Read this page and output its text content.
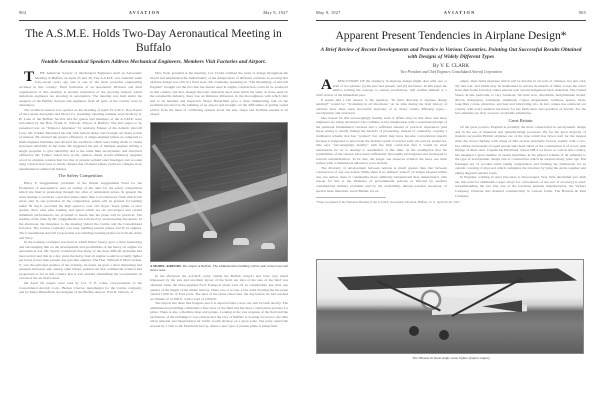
904	AVIATION	May 9, 1927
The A.S.M.E. Holds Two-Day Aeronautical Meeting in Buffalo
Notable Aeronautical Speakers Address Mechanical Engineers. Members Visit Factories and Airport.

T HE American Society of Mechanical Engineers held an Aeronautic Meeting at Buffalo on April 25 and 26. The A.S.M.E. was founded some forty-seven years ago and is one of the most powerful engineering societies in this country. Their formation of an Aeronautic Division and their organization of this meeting is another indication of the growing interest which American engineers are showing in aeronautics. The meeting was held under the auspices of the Buffalo Section and engineers from all parts of the country were in attendance.

The technical session was opened on the morning of April 25 with C. Roy Keyes of the Curtiss Aeroplane and Motor Co. presiding. Opening remarks were made by A. H. Lane of the Buffalo Section and the guests and members of the A.S.M.E. were welcomed by the Hon. Frank X. Schwab, Mayor of Buffalo. The first paper to be presented was on "Trimotor Airplanes" by Anthony Fokker of the Atlantic Aircraft Corp. Mr. Fokker illustrated his talk with lantern slides and brought out many points of interest. He stressed the greater efficiency of single-engined planes as compared to multi-engined machines and showed the sacrifices which were being made to obtain increased reliability in the latter. He suggested the use of multiple engines driving a single propeller to give reliability and at the same time aerodynamic and structural efficiency. Mr. Fokker stated that, in his opinion, metal would ultimately supplant wood in airplane construction but that at present welded steel fuselages and wooden wing construction were so much cheaper that all-metal planes could not compete in an unsubsidized commercial market.

The Safety Competition

Harry F. Guggenheim, president of the Daniel Guggenheim Fund for the Promotion of Aeronautics, read an outline of the rules for the safety competition which the fund is promoting through the offer of substantial prizes. In general the rules attempt to promote a practical plane rather than a revolutionary freak which will excel only in one particular. In the competition, points will be granted for landing under 30 m.p.h. provided the high speed is over 110 m.p.h. Steep glides at slow speeds, short runs after landing and speed which are all encouraged and certain minimum performances are provided to insure that the plane will be practical. The reading of the rules by Mr. Guggenheim was followed by an interesting discussion. In the afternoon, the delegates to the meeting visited the Curtiss and the Consolidated factories. The Curtiss Company was busy building pursuit planes and D-12 engines. The Consolidated Aircraft Corporation was building training planes for both the Army and Navy.

In the evening a banquet was held at which Elmer Sperry gave a most interesting and encouraging talk on the development and possibilities of the heavy oil engine for aeronautical use. Mr. Sperry considered that many of the most difficult problems had been solved and that in a few years the heavy fuel oil engine would be actually lighter per horse power than present day gasoline engines. The Hon. William P. MacCracken, Jr. was the principal speaker of the evening. As usual, he gave a most interesting and pleasant discourse and, among other things, pointed out that commercial aviation had progressed so far in this country that it was actually subsidizing the Government on certain of the air mail routes.

On April 26, papers were read by Col. V. E. Clark, vice-president of the Consolidated Aircraft Corp.; Bishop Cleaver, metallurgist for the Curtiss company; and by Major Butterfield, the designer of the Buffalo Airport. Earl D. Osborn, of

New York, presided at the meeting. Col. Clarke outlined the trend of design throughout the World and emphasized the individuality of the design ideas of different countries as proving that airplane design was still in a fluid state. Mr. Clements, speaking on "The Metallurgy of Aircraft Engines" brought out the fact that the metals used in engine construction could all be produced in this country and that, though the basic materials used were much the same as those used by the automobile industry, there was an immense difference in the thoroughness with which they had to be handled and inspected. Major Butterfield gave a most illuminating talk on the problems involved in the building of an airport and brought out the difficulties of getting sound advice from the mass of conflicting opinion about the size, shape and facilities needed at an airport.

A MODEL AIRPORT. The airport at Buffalo. The administration building will be seen in the lower left hand corner.

In the afternoon the A.S.M.E. party visited the Buffalo Airport and were very much impressed by the size and excellent layout of the field. An idea of the size of the field was obtained when the three-engined Ford Transport plane took off in considerably less than one quarter of the length of the cinder runway. There was, it is true, a fair wind blowing but the plane carried 1,000 lb. of Ford parts. The pilot of the plane stated that, the day before, he had reached an altitude of 15,000 ft. with a load of 3,000 lb.

The airport has three fine hangars and it is expected that a new one will be built shortly. The administration building commands a fine view of the field and has most comfortable quarters for pilots. There is also a machine shop and garage. Looking at the vast expanse of the field and the excellence of the buildings it was evident that the City of Buffalo is looking forward to the time when national and international air traffic would develop on a great scale. The party ended the session by a visit to the Eberhardt factory where a new type of pursuit plane is being built.

May 9, 1927	AVIATION	905
Apparent Present Tendencies in Airplane Design*
A Brief Review of Recent Developments and Practice in Various Countries, Pointing Out Successful Results Obtained with Designs of Widely Different Types
By V. E. CLARK
Vice-President and Chief Engineer, Consolidated Aircraft Corporation

A DISCUSSION OF the tendency in airplane design might deal with one or both of two phases: (a) the past and present, and (b) the future. In this paper the author, lacking the courage to venture predictions, will confine himself to a brief review of the immediate past.

It seems that a fair answer to the question, "In what direction is airplane design tending?" would be: "Scattering in all directions." At no time during the brief history of aviation have there been successful airplanes of so many widely differing types—aerodynamic and structural.

One reason for this encouragingly healthy state of affairs may be that more and more engineers are being developed who combine active imagination with a sound knowledge of the pertinent fundamental sciences and a sufficient amount of practical experience (and horse sense) to justify risking the hazards of pioneering, instead of cautiously copying a traditional scheme that has "worked" but which may have become conventional merely because it happened to have been the luckiest result of several early cut-and-try endeavors. One says "encouragingly healthy" with the firm conviction that it would be most unfortunate for us to attempt to standardize at this time, on the assumption that the possibilities of the science have been sufficiently thoroughly investigated and developed to warrant standardization. To be trite, the longer one observes aviation the more one must realize what a tremendous amount is to be learned.

The diversity of development between nations is much greater than that between constructors of any one nation. While there is no defined "school" of design adopted within any one nation, there is consistently more similarity intranational than international. One reason for this is the influence of governmental policies as affected by peculiar contemplated military problems and by the availability, among national resources, of special basic materials. Great Britain, for ex-

*Paper presented at the National Meeting of the A.S.M.E. Aeronautic Division, Buffalo, N. Y., April 25-26, 1927.

ample, must build airplanes which will be durable in all sorts of climates, hot and cold, dry and wet, and which may be maintained in service thousands of miles across the water from their home factories. Other nations lack certain indigenous basic materials. The United States, in this particular, is very fortunate. We have iron, chromium, molybdenum, nickel, silicon, manganese, vanadium, aluminum, copper, magnesium, cellulose, spruce, birch, long-fiber cotton, abrasives, and fuel and lubricating oils. In fact, nature has endowed our country with every element necessary for the fabrication and operation of aircraft. For the few elements we lack, we have acceptable substitutes.

Great Britain

Of the great powers, England is probably the most conservative in aerodynamic design and in the use of materials and manufacturing processes. By far the great majority of modern successful British airplanes are of the type which has flown well for the longest time: the tractor biplane with wings of thin section externally braced, usually with a two-bay cellule and usually of equal spread and chord. Most of the construction is of wood, with fittings of sheet steel. Captain De Havilland, whose DH.4 we know so well in this country, has designed a great number of useful machines, in the general scheme of all adhering to the type of aerodynamic design and of construction which he adopted many years ago. His fuselages are of wooden sticks taking compression and forming the framework for an outside covering of plywood which completes the structure by tying the sticks together and taking diagonal tension loads.

In England, welding in steel structures is discouraged. Very little duralumin (we shall use this term for aluminum-copper alloys for convenience of the sort of accuracy) is used, notwithstanding the fact that one of the foremost airplane manufacturers, the Vickers Company, fabricate this material commercially in various forms. The Boulton & Paul Company

The Wibault all metal single seater fighter (Jupiter engine)
